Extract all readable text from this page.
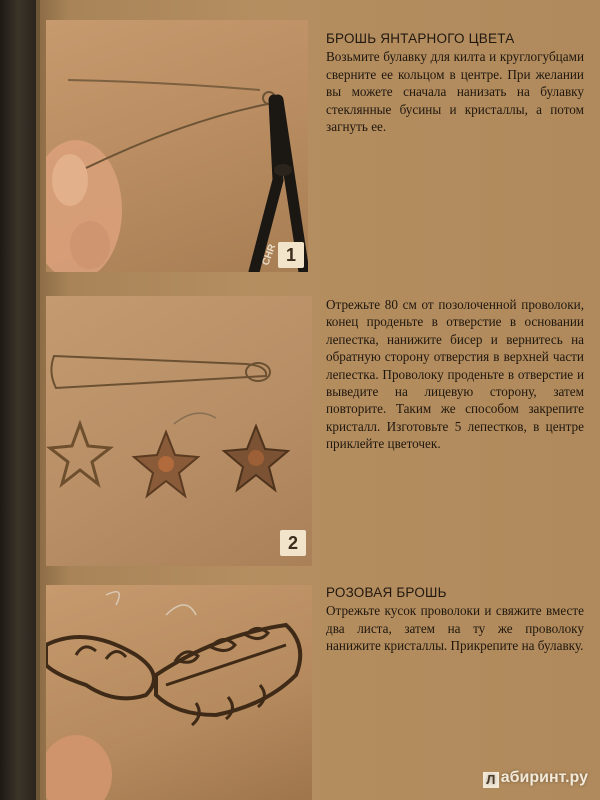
CHR 1
2
БРОШЬ ЯНТАРНОГО ЦВЕТА
Возьмите булавку для килта и круглогубцами сверните ее кольцом в центре. При желании вы можете сначала нанизать на булавку стеклянные бусины и кристаллы, а потом загнуть ее.
Отрежьте 80 см от позолоченной проволоки, конец проденьте в отверстие в основании лепестка, нанижите бисер и вернитесь на обратную сторону отверстия в верхней части лепестка. Проволоку проденьте в отверстие и выведите на лицевую сторону, затем повторите. Таким же способом закрепите кристалл. Изготовьте 5 лепестков, в центре приклейте цветочек.
РОЗОВАЯ БРОШЬ
Отрежьте кусок проволоки и свяжите вместе два листа, затем на ту же проволоку нанижите кристаллы. Прикрепите на булавку.
Л абиринт.ру
